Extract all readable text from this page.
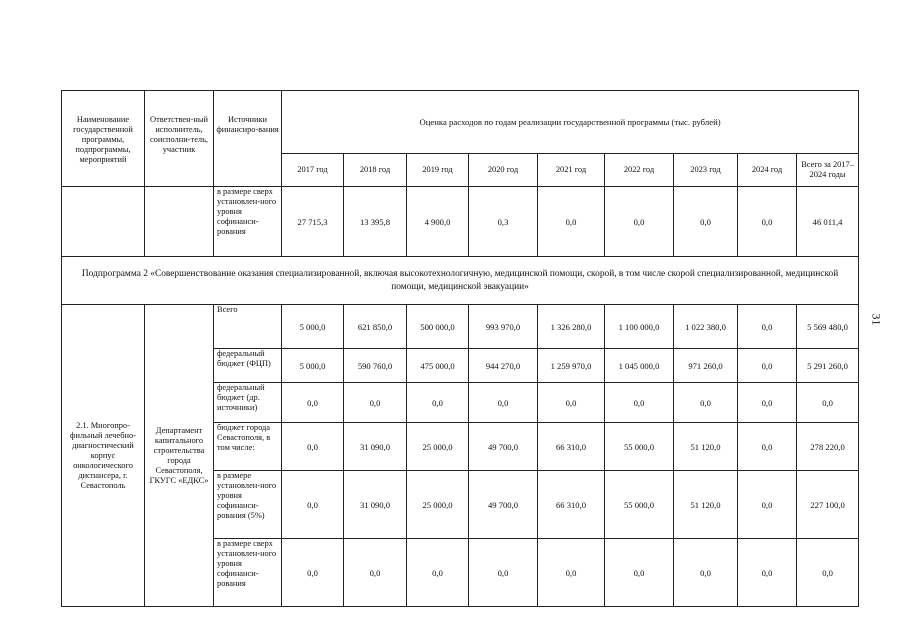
Наименование государственной программы, подпрограммы, мероприятий	Ответствен-ный исполнитель, соисполни-тель, участник	Источники финансиро-вания	Оценка расходов по годам реализации государственной программы (тыс. рублей)								
			2017 год	2018 год	2019 год	2020 год	2021 год	2022 год	2023 год	2024 год	Всего за 2017–2024 годы
		в размере сверх установлен-ного уровня софинанси-рования	27 715,3	13 395,8	4 900,0	0,3	0,0	0,0	0,0	0,0	46 011,4
Подпрограмма 2 «Совершенствование оказания специализированной, включая высокотехнологичную, медицинской помощи, скорой, в том числе скорой специализированной, медицинской помощи, медицинской эвакуации»											
2.1. Многопро-фильный лечебно-диагностический корпус онкологического диспансера, г. Севастополь	Департамент капитального строительства города Севастополя, ГКУГС «ЕДКС»	Всего	5 000,0	621 850,0	500 000,0	993 970,0	1 326 280,0	1 100 000,0	1 022 380,0	0,0	5 569 480,0
		федеральный бюджет (ФЦП)	5 000,0	590 760,0	475 000,0	944 270,0	1 259 970,0	1 045 000,0	971 260,0	0,0	5 291 260,0
		федеральный бюджет (др. источники)	0,0	0,0	0,0	0,0	0,0	0,0	0,0	0,0	0,0
		бюджет города Севастополя, в том числе:	0,0	31 090,0	25 000,0	49 700,0	66 310,0	55 000,0	51 120,0	0,0	278 220,0
		в размере установлен-ного уровня софинанси-рования (5%)	0,0	31 090,0	25 000,0	49 700,0	66 310,0	55 000,0	51 120,0	0,0	227 100,0
		в размере сверх установлен-ного уровня софинанси-рования	0,0	0,0	0,0	0,0	0,0	0,0	0,0	0,0	0,0
31
